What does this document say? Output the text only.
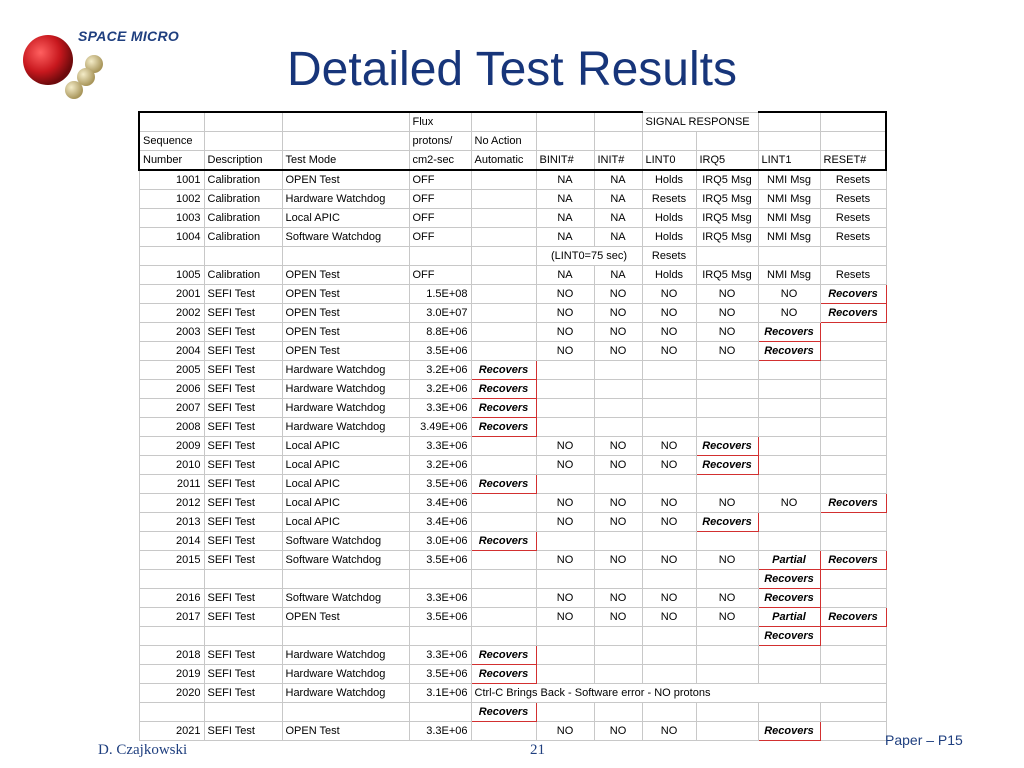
SPACE MICRO
Detailed Test Results
			Flux				SIGNAL RESPONSE			
Sequence			protons/	No Action						
Number	Description	Test Mode	cm2-sec	Automatic	BINIT#	INIT#	LINT0	IRQ5	LINT1	RESET#
1001	Calibration	OPEN Test	OFF		NA	NA	Holds	IRQ5 Msg	NMI Msg	Resets
1002	Calibration	Hardware Watchdog	OFF		NA	NA	Resets	IRQ5 Msg	NMI Msg	Resets
1003	Calibration	Local APIC	OFF		NA	NA	Holds	IRQ5 Msg	NMI Msg	Resets
1004	Calibration	Software Watchdog	OFF		NA	NA	Holds	IRQ5 Msg	NMI Msg	Resets
					(LINT0=75 sec)		Resets			
1005	Calibration	OPEN Test	OFF		NA	NA	Holds	IRQ5 Msg	NMI Msg	Resets
2001	SEFI Test	OPEN Test	1.5E+08		NO	NO	NO	NO	NO	Recovers
2002	SEFI Test	OPEN Test	3.0E+07		NO	NO	NO	NO	NO	Recovers
2003	SEFI Test	OPEN Test	8.8E+06		NO	NO	NO	NO	Recovers	
2004	SEFI Test	OPEN Test	3.5E+06		NO	NO	NO	NO	Recovers	
2005	SEFI Test	Hardware Watchdog	3.2E+06	Recovers						
2006	SEFI Test	Hardware Watchdog	3.2E+06	Recovers						
2007	SEFI Test	Hardware Watchdog	3.3E+06	Recovers						
2008	SEFI Test	Hardware Watchdog	3.49E+06	Recovers						
2009	SEFI Test	Local APIC	3.3E+06		NO	NO	NO	Recovers		
2010	SEFI Test	Local APIC	3.2E+06		NO	NO	NO	Recovers		
2011	SEFI Test	Local APIC	3.5E+06	Recovers						
2012	SEFI Test	Local APIC	3.4E+06		NO	NO	NO	NO	NO	Recovers
2013	SEFI Test	Local APIC	3.4E+06		NO	NO	NO	Recovers		
2014	SEFI Test	Software Watchdog	3.0E+06	Recovers						
2015	SEFI Test	Software Watchdog	3.5E+06		NO	NO	NO	NO	Partial	Recovers
									Recovers	
2016	SEFI Test	Software Watchdog	3.3E+06		NO	NO	NO	NO	Recovers	
2017	SEFI Test	OPEN Test	3.5E+06		NO	NO	NO	NO	Partial	Recovers
									Recovers	
2018	SEFI Test	Hardware Watchdog	3.3E+06	Recovers						
2019	SEFI Test	Hardware Watchdog	3.5E+06	Recovers						
2020	SEFI Test	Hardware Watchdog	3.1E+06	Ctrl-C Brings Back - Software error - NO protons						
				Recovers						
2021	SEFI Test	OPEN Test	3.3E+06		NO	NO	NO		Recovers	
D. Czajkowski	21
Paper – P15
